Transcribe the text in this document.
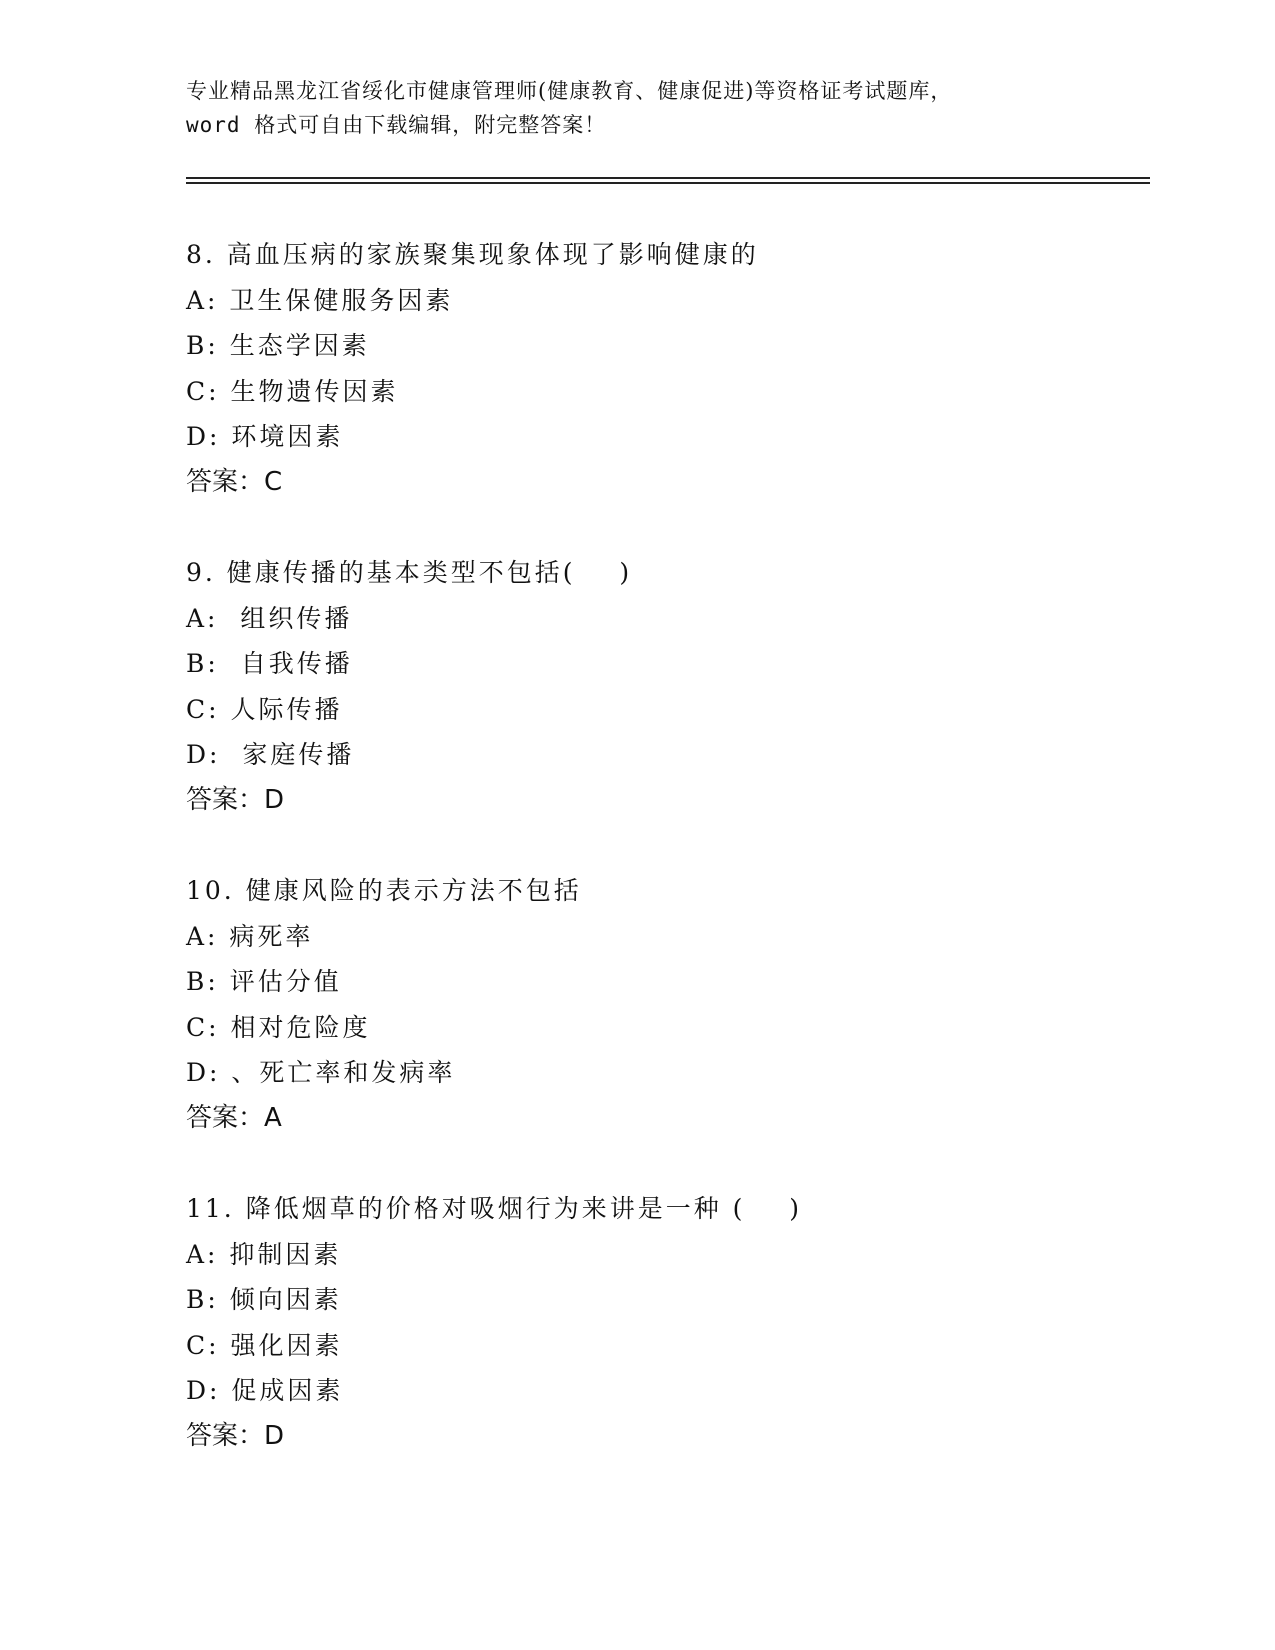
专业精品黑龙江省绥化市健康管理师(健康教育、健康促进)等资格证考试题库，
word 格式可自由下载编辑，附完整答案！
8. 高血压病的家族聚集现象体现了影响健康的
A: 卫生保健服务因素
B: 生态学因素
C: 生物遗传因素
D: 环境因素
答案：C
9. 健康传播的基本类型不包括(    )
A:  组织传播
B:  自我传播
C: 人际传播
D:  家庭传播
答案：D
10. 健康风险的表示方法不包括
A: 病死率
B: 评估分值
C: 相对危险度
D: 、死亡率和发病率
答案：A
11. 降低烟草的价格对吸烟行为来讲是一种 (    )
A: 抑制因素
B: 倾向因素
C: 强化因素
D: 促成因素
答案：D
